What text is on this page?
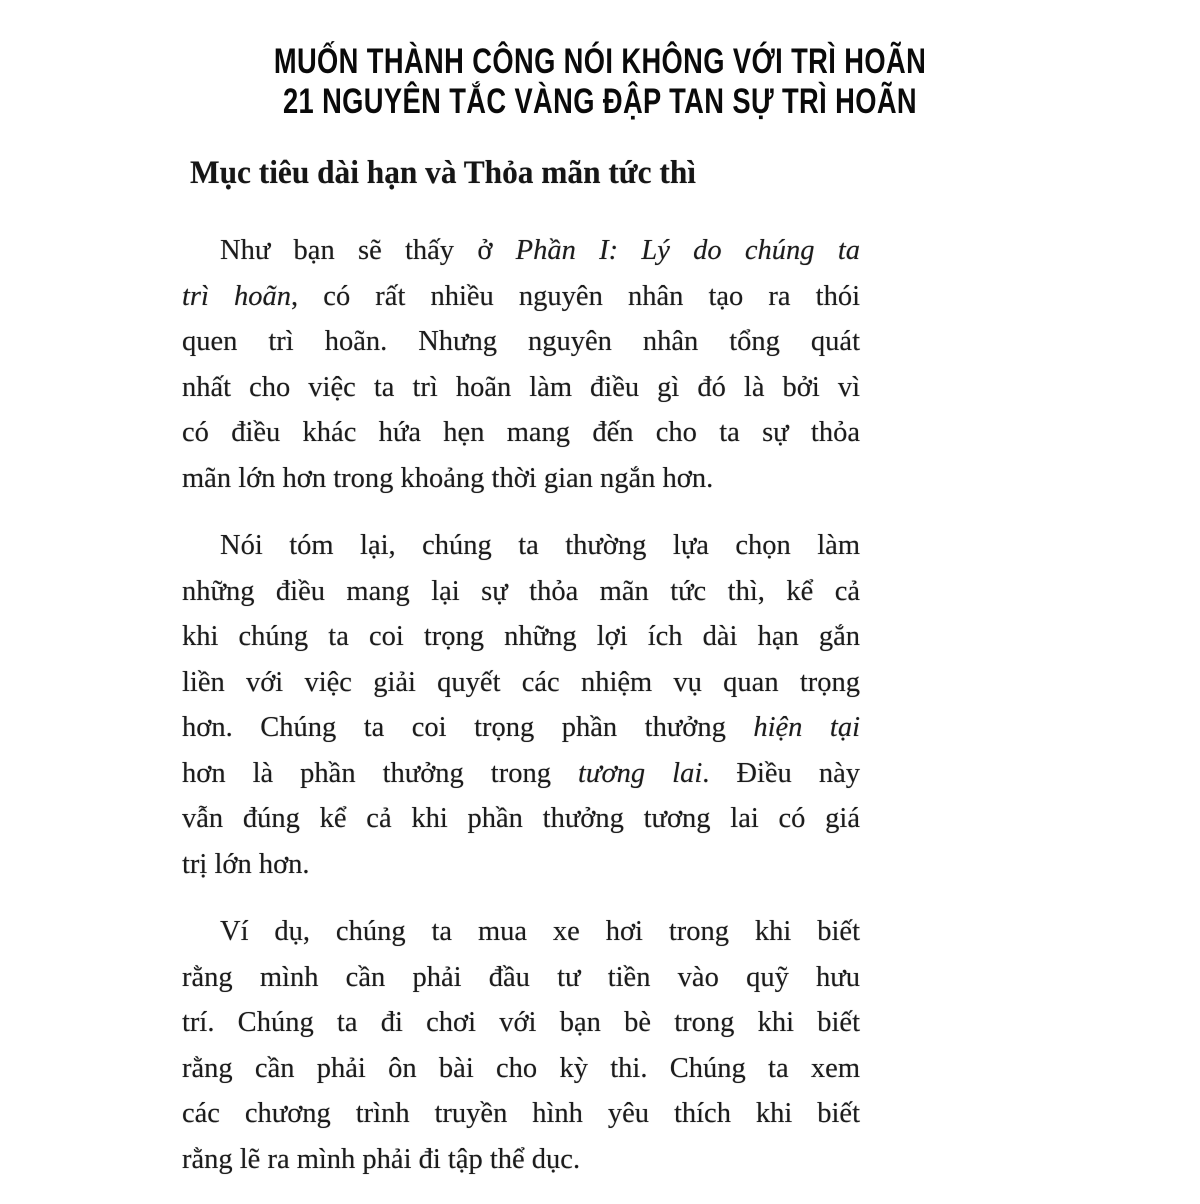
MUỐN THÀNH CÔNG NÓI KHÔNG VỚI TRÌ HOÃN
21 NGUYÊN TẮC VÀNG ĐẬP TAN SỰ TRÌ HOÃN
Mục tiêu dài hạn và Thỏa mãn tức thì
Như bạn sẽ thấy ở Phần I: Lý do chúng ta
trì hoãn, có rất nhiều nguyên nhân tạo ra thói
quen trì hoãn. Nhưng nguyên nhân tổng quát
nhất cho việc ta trì hoãn làm điều gì đó là bởi vì
có điều khác hứa hẹn mang đến cho ta sự thỏa
mãn lớn hơn trong khoảng thời gian ngắn hơn.
Nói tóm lại, chúng ta thường lựa chọn làm
những điều mang lại sự thỏa mãn tức thì, kể cả
khi chúng ta coi trọng những lợi ích dài hạn gắn
liền với việc giải quyết các nhiệm vụ quan trọng
hơn. Chúng ta coi trọng phần thưởng hiện tại
hơn là phần thưởng trong tương lai. Điều này
vẫn đúng kể cả khi phần thưởng tương lai có giá
trị lớn hơn.
Ví dụ, chúng ta mua xe hơi trong khi biết
rằng mình cần phải đầu tư tiền vào quỹ hưu
trí. Chúng ta đi chơi với bạn bè trong khi biết
rằng cần phải ôn bài cho kỳ thi. Chúng ta xem
các chương trình truyền hình yêu thích khi biết
rằng lẽ ra mình phải đi tập thể dục.
